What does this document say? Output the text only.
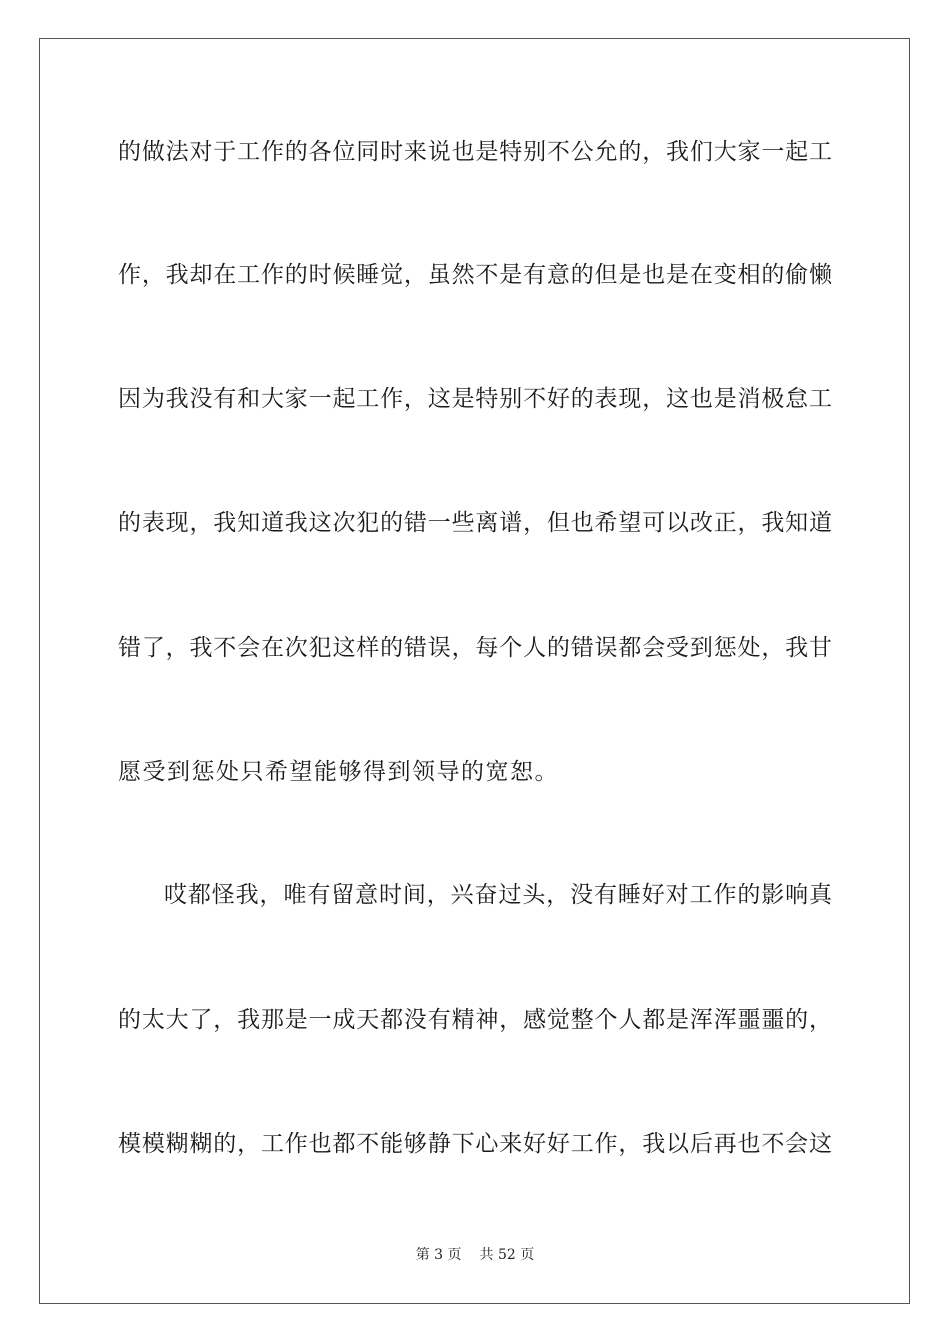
的做法对于工作的各位同时来说也是特别不公允的，我们大家一起工
作，我却在工作的时候睡觉，虽然不是有意的但是也是在变相的偷懒
因为我没有和大家一起工作，这是特别不好的表现，这也是消极怠工
的表现，我知道我这次犯的错一些离谱，但也希望可以改正，我知道
错了，我不会在次犯这样的错误，每个人的错误都会受到惩处，我甘
愿受到惩处只希望能够得到领导的宽恕。
哎都怪我，唯有留意时间，兴奋过头，没有睡好对工作的影响真
的太大了，我那是一成天都没有精神，感觉整个人都是浑浑噩噩的，
模模糊糊的，工作也都不能够静下心来好好工作，我以后再也不会这
第 3 页 共 52 页
